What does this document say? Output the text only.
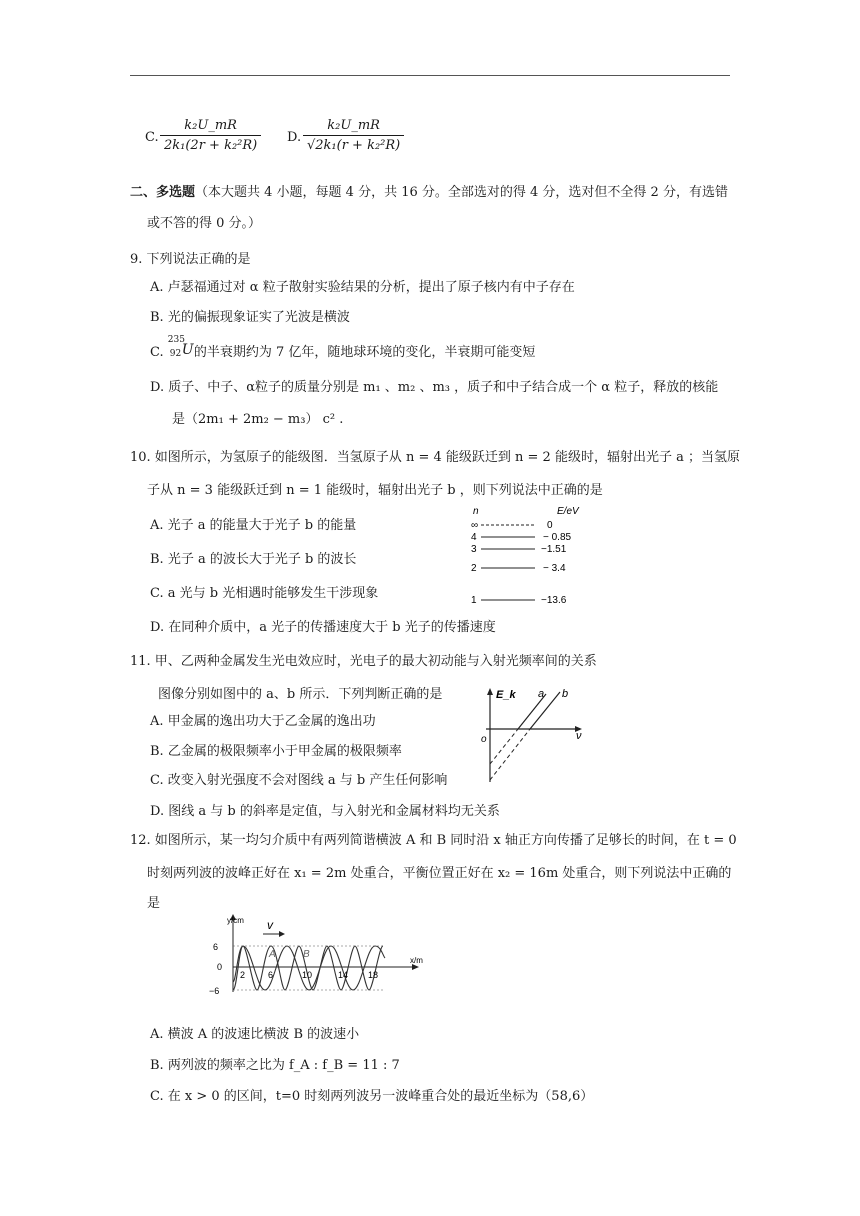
C.
k₂U_mR
2k₁(2r + k₂²R)
D.
k₂U_mR
√2k₁(r + k₂²R)
二、多选题（本大题共 4 小题，每题 4 分，共 16 分。全部选对的得 4 分，选对但不全得 2 分，有选错
或不答的得 0 分。）
9. 下列说法正确的是
A. 卢瑟福通过对 α 粒子散射实验结果的分析，提出了原子核内有中子存在
B. 光的偏振现象证实了光波是横波
C.
235
92 U
的半衰期约为 7 亿年，随地球环境的变化，半衰期可能变短
D. 质子、中子、α粒子的质量分别是 m₁ 、m₂ 、m₃ ，质子和中子结合成一个 α 粒子，释放的核能
是（2m₁ + 2m₂ − m₃） c² .
10. 如图所示，为氢原子的能级图．当氢原子从 n = 4 能级跃迁到 n = 2 能级时，辐射出光子 a ；当氢原
子从 n = 3 能级跃迁到 n = 1 能级时，辐射出光子 b ，则下列说法中正确的是
A. 光子 a 的能量大于光子 b 的能量
B. 光子 a 的波长大于光子 b 的波长
C. a 光与 b 光相遇时能够发生干涉现象
D. 在同种介质中，a 光子的传播速度大于 b 光子的传播速度
n	E/eV
∞	0
4	− 0.85
3	−1.51
2	− 3.4
1	−13.6
11. 甲、乙两种金属发生光电效应时，光电子的最大初动能与入射光频率间的关系
图像分别如图中的 a、b 所示．下列判断正确的是
A. 甲金属的逸出功大于乙金属的逸出功
B. 乙金属的极限频率小于甲金属的极限频率
C. 改变入射光强度不会对图线 a 与 b 产生任何影响
D. 图线 a 与 b 的斜率是定值，与入射光和金属材料均无关系
E_k
ν
o
a b
12. 如图所示，某一均匀介质中有两列简谐横波 A 和 B 同时沿 x 轴正方向传播了足够长的时间，在 t = 0
时刻两列波的波峰正好在 x₁ = 2m 处重合，平衡位置正好在 x₂ = 16m 处重合，则下列说法中正确的
是
y/cm
x/m
6
0
−6
v
A	B
2	6	10	14 18
A. 横波 A 的波速比横波 B 的波速小
B. 两列波的频率之比为 f_A : f_B = 11 : 7
C. 在 x > 0 的区间，t=0 时刻两列波另一波峰重合处的最近坐标为（58,6）
